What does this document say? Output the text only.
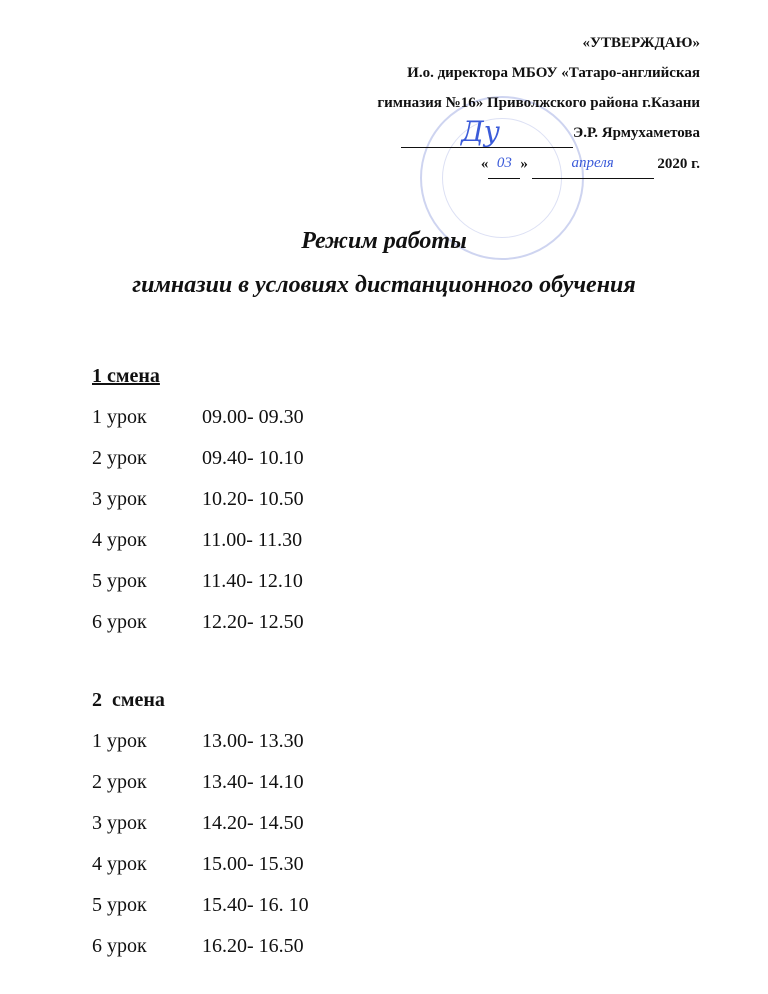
«УТВЕРЖДАЮ»
И.о. директора МБОУ «Татаро-английская
гимназия №16» Приволжского района г.Казани
Ду	Э.Р. Ярмухаметова
« 03 »	апреля	2020 г.
Режим работы
гимназии в условиях дистанционного обучения
1 смена
1 урок	09.00- 09.30
2 урок	09.40- 10.10
3 урок	10.20- 10.50
4 урок	11.00- 11.30
5 урок	11.40- 12.10
6 урок	12.20- 12.50
2  смена
1 урок	13.00- 13.30
2 урок	13.40- 14.10
3 урок	14.20- 14.50
4 урок	15.00- 15.30
5 урок	15.40- 16. 10
6 урок	16.20- 16.50
